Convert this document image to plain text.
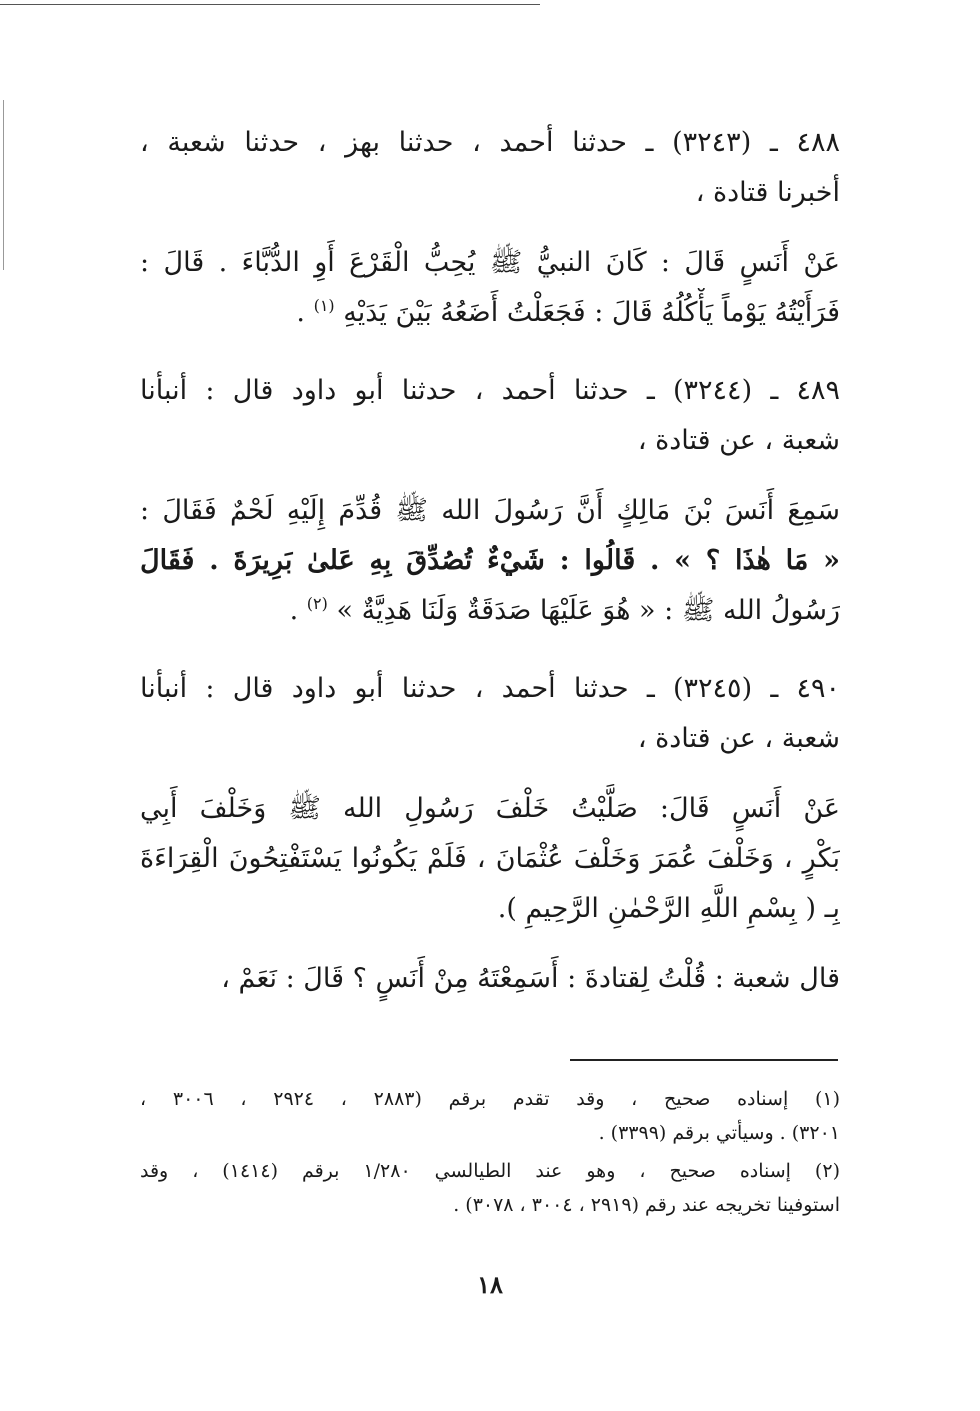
٤٨٨ ـ (٣٢٤٣) ـ حدثنا أحمد ، حدثنا بهز ، حدثنا شعبة ،
أخبرنا قتادة ،
عَنْ أَنَسٍ قَالَ : كَانَ النبيُّ ﷺ يُحِبُّ الْقَرْعَ أَوِ الدُّبَّاءَ . قَالَ :
فَرَأَيْتُهُ يَوْماً يَأْكُلُهُ قَالَ : فَجَعَلْتُ أَضَعُهُ بَيْنَ يَدَيْهِ $^{(١)}$ .
٤٨٩ ـ (٣٢٤٤) ـ حدثنا أحمد ، حدثنا أبو داود قال : أنبأنا
شعبة ، عن قتادة ،
سَمِعَ أَنَسَ بْنَ مَالِكٍ أَنَّ رَسُولَ الله ﷺ قُدِّمَ إِلَيْهِ لَحْمٌ فَقَالَ :
« مَا هٰذَا ؟ » . قَالُوا : شَيْءٌ تُصُدِّقَ بِهِ عَلىٰ بَرِيرَةَ . فَقَالَ
رَسُولُ الله ﷺ : « هُوَ عَلَيْهَا صَدَقَةٌ وَلَنَا هَدِيَّةٌ » $^{(٢)}$ .
٤٩٠ ـ (٣٢٤٥) ـ حدثنا أحمد ، حدثنا أبو داود قال : أنبأنا
شعبة ، عن قتادة ،
عَنْ أَنَسٍ قَالَ: صَلَّيْتُ خَلْفَ رَسُولِ الله ﷺ وَخَلْفَ أَبِي
بَكْرٍ ، وَخَلْفَ عُمَرَ وَخَلْفَ عُثْمَانَ ، فَلَمْ يَكُونُوا يَسْتَفْتِحُونَ الْقِرَاءَةَ
بِـ ( بِسْمِ اللَّهِ الرَّحْمٰنِ الرَّحِيمِ ).
قال شعبة : قُلْتُ لِقتادةَ : أَسَمِعْتَهُ مِنْ أَنَسٍ ؟ قَالَ : نَعَمْ ،
(١) إسناده صحيح ، وقد تقدم برقم (٢٨٨٣ ، ٢٩٢٤ ، ٣٠٠٦ ،
٣٢٠١) . وسيأتي برقم (٣٣٩٩) .
(٢) إسناده صحيح ، وهو عند الطيالسي ١/٢٨٠ برقم (١٤١٤) ، وقد
استوفينا تخريجه عند رقم (٢٩١٩ ، ٣٠٠٤ ، ٣٠٧٨) .
١٨
